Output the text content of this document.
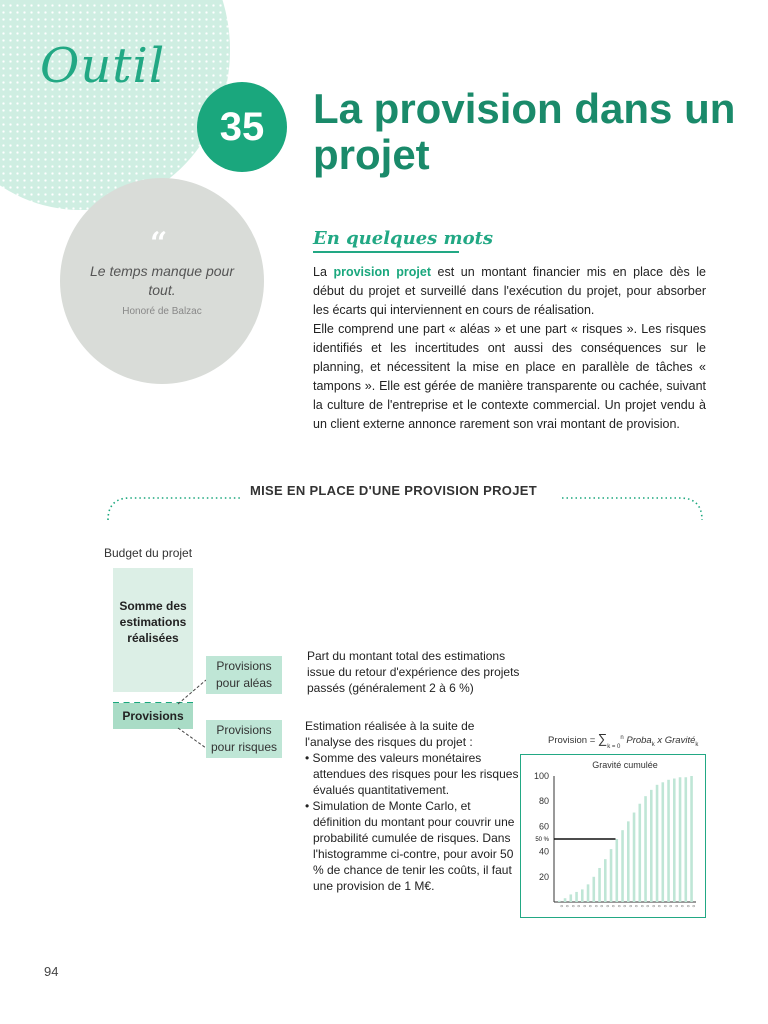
Outil
35	La provision dans un projet
“
Le temps manque pour tout.
Honoré de Balzac
En quelques mots

La provision projet est un montant financier mis en place dès le début du projet et surveillé dans l'exécution du projet, pour absorber les écarts qui interviennent en cours de réalisation.

Elle comprend une part « aléas » et une part « risques ». Les risques identifiés et les incertitudes ont aussi des conséquences sur le planning, et nécessitent la mise en place en parallèle de tâches « tampons ». Elle est gérée de manière transparente ou cachée, suivant la culture de l'entreprise et le contexte commercial. Un projet vendu à un client externe annonce rarement son vrai montant de provision.

MISE EN PLACE D'UNE PROVISION PROJET
Budget du projet
Somme des estimations réalisées
Provisions
Provisions pour aléas
Provisions pour risques
Part du montant total des estimations issue du retour d'expérience des projets passés (généralement 2 à 6 %)
Estimation réalisée à la suite de l'analyse des risques du projet :
• Somme des valeurs monétaires attendues des risques pour les risques évalués quantitativement.
• Simulation de Monte Carlo, et définition du montant pour couvrir une probabilité cumulée de risques. Dans l'histogramme ci-contre, pour avoir 50 % de chance de tenir les coûts, il faut une provision de 1 M€.
Provision = $\sum_{k = 0}^n$ Proba$_k$ x Gravité$_k$
Gravité cumulée
20
40
60
80
100
0 0 0 0 0 0 0 0 0 0 0 0 0 0 0 0 0 0 0 0 0 0 0 0
50 %
94
